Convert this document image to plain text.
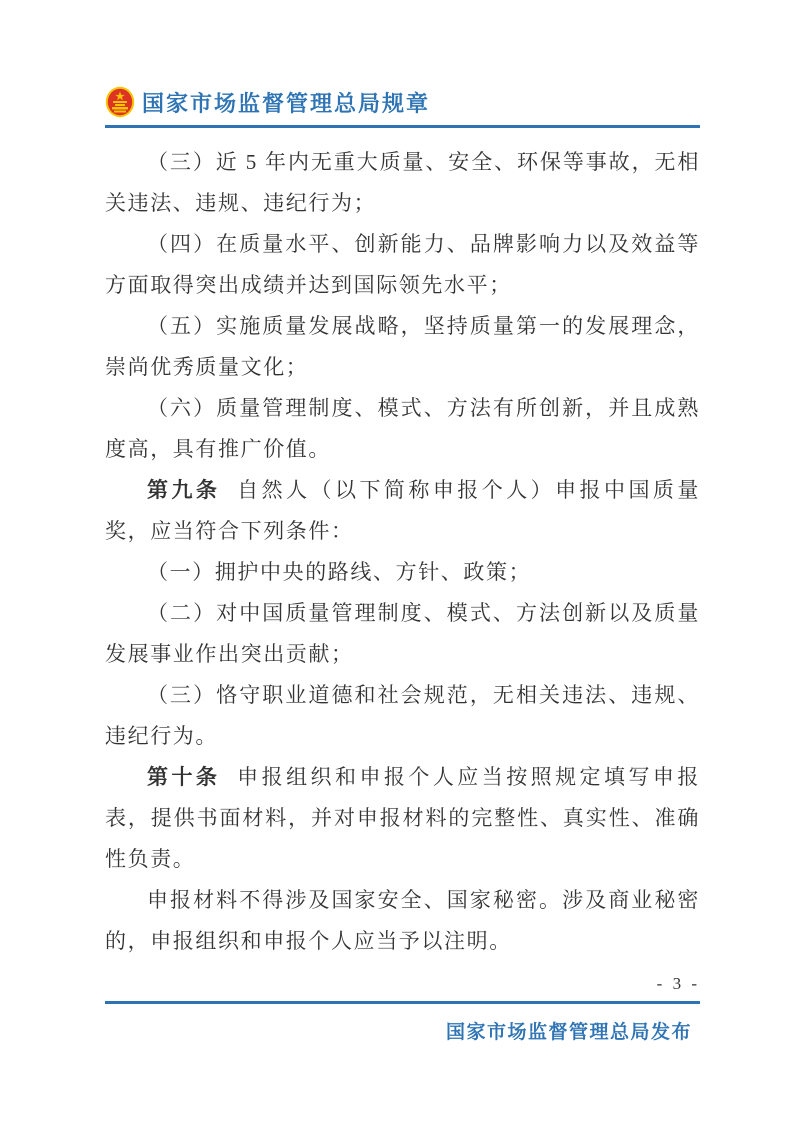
国家市场监督管理总局规章

（三）近 5 年内无重大质量、安全、环保等事故，无相关违法、违规、违纪行为；

（四）在质量水平、创新能力、品牌影响力以及效益等方面取得突出成绩并达到国际领先水平；

（五）实施质量发展战略，坚持质量第一的发展理念，崇尚优秀质量文化；

（六）质量管理制度、模式、方法有所创新，并且成熟度高，具有推广价值。

第九条 自然人（以下简称申报个人）申报中国质量奖，应当符合下列条件：

（一）拥护中央的路线、方针、政策；

（二）对中国质量管理制度、模式、方法创新以及质量发展事业作出突出贡献；

（三）恪守职业道德和社会规范，无相关违法、违规、违纪行为。

第十条 申报组织和申报个人应当按照规定填写申报表，提供书面材料，并对申报材料的完整性、真实性、准确性负责。

申报材料不得涉及国家安全、国家秘密。涉及商业秘密的，申报组织和申报个人应当予以注明。

- 3 -
国家市场监督管理总局发布
